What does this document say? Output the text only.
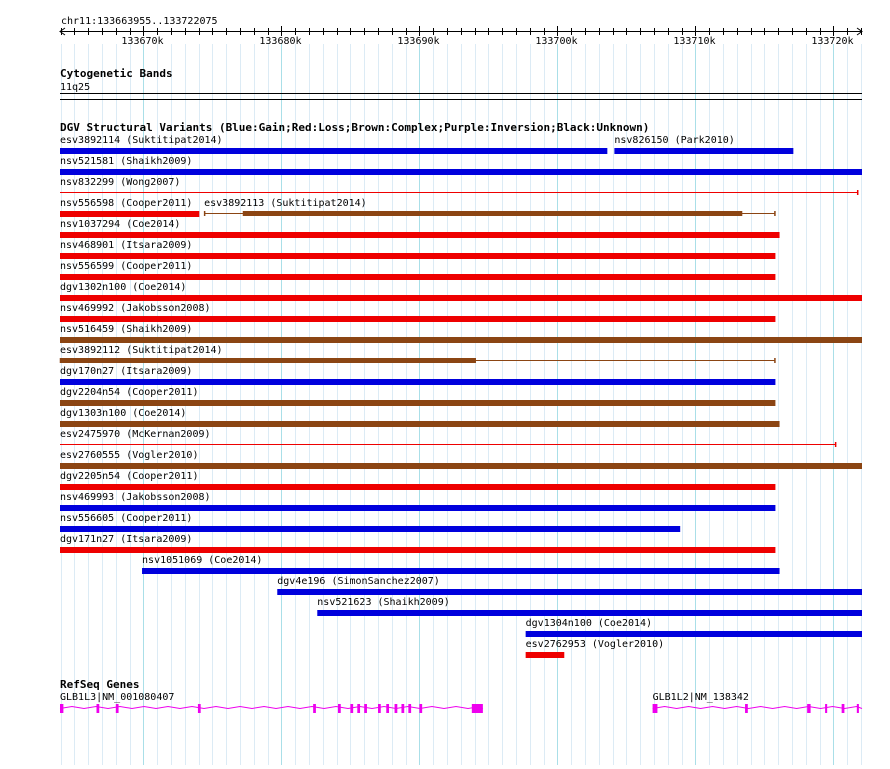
chr11:133663955..133722075
Cytogenetic Bands
11q25
DGV Structural Variants (Blue:Gain;Red:Loss;Brown:Complex;Purple:Inversion;Black:Unknown)
RefSeq Genes
133670k	133680k	133690k	133700k	133710k	133720k
esv3892114 (Suktitipat2014)	nsv826150 (Park2010)
nsv521581 (Shaikh2009)
nsv832299 (Wong2007)
nsv556598 (Cooper2011) esv3892113 (Suktitipat2014)
nsv1037294 (Coe2014)
nsv468901 (Itsara2009)
nsv556599 (Cooper2011)
dgv1302n100 (Coe2014)
nsv469992 (Jakobsson2008)
nsv516459 (Shaikh2009)
esv3892112 (Suktitipat2014)
dgv170n27 (Itsara2009)
dgv2204n54 (Cooper2011)
dgv1303n100 (Coe2014)
esv2475970 (McKernan2009)
esv2760555 (Vogler2010)
dgv2205n54 (Cooper2011)
nsv469993 (Jakobsson2008)
nsv556605 (Cooper2011)
dgv171n27 (Itsara2009)
nsv1051069 (Coe2014)
dgv4e196 (SimonSanchez2007)
nsv521623 (Shaikh2009)
dgv1304n100 (Coe2014)
esv2762953 (Vogler2010)
GLB1L3|NM_001080407	GLB1L2|NM_138342
